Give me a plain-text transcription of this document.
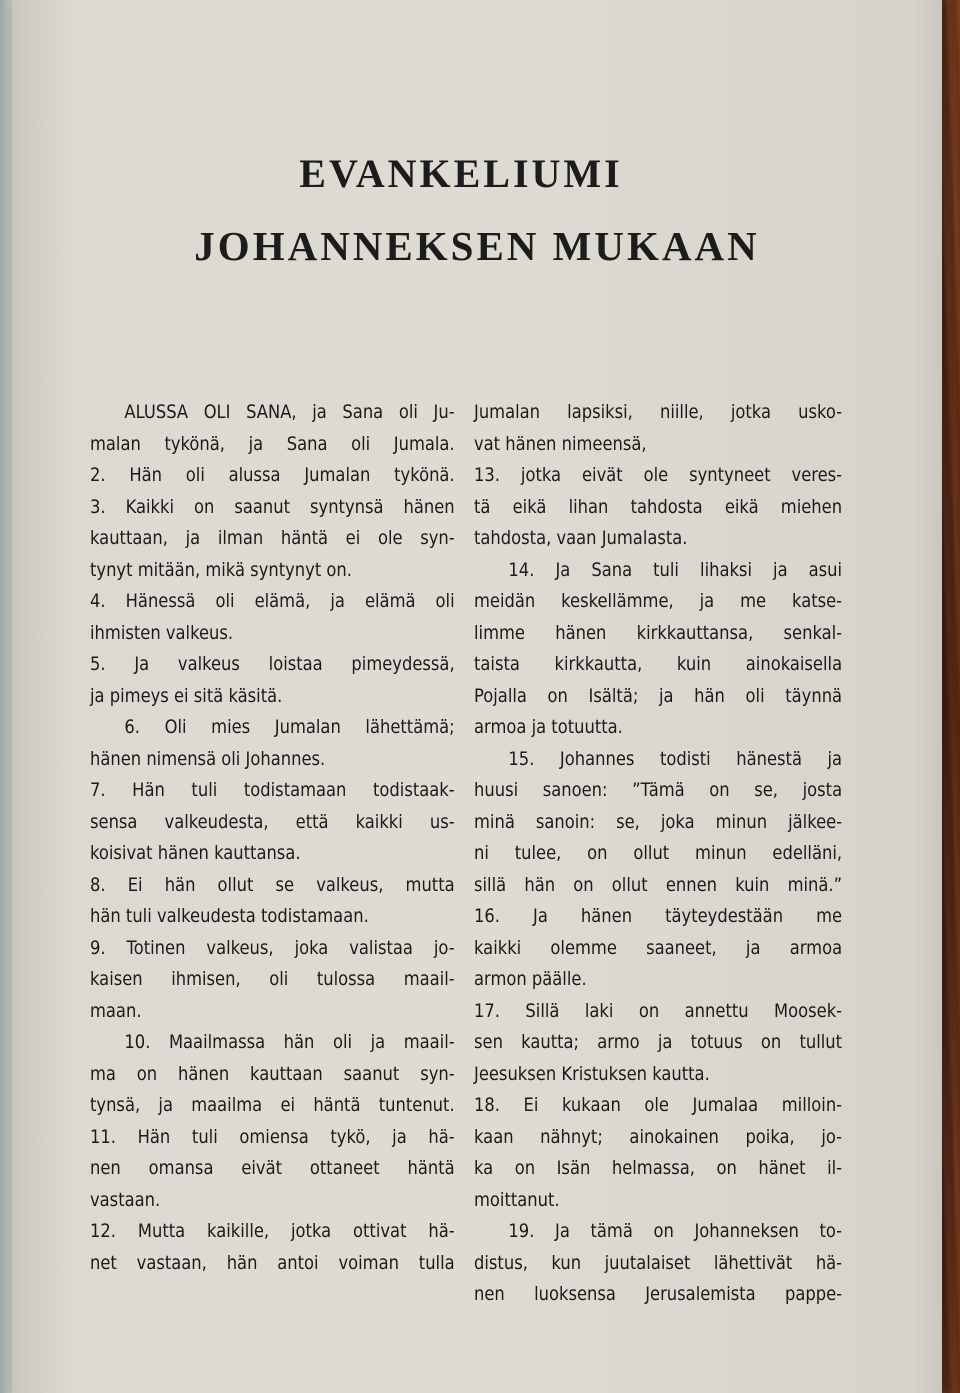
EVANKELIUMI
JOHANNEKSEN MUKAAN
ALUSSA OLI SANA, ja Sana oli Ju-
malan tykönä, ja Sana oli Jumala.
2. Hän oli alussa Jumalan tykönä.
3. Kaikki on saanut syntynsä hänen
kauttaan, ja ilman häntä ei ole syn-
tynyt mitään, mikä syntynyt on.
4. Hänessä oli elämä, ja elämä oli
ihmisten valkeus.
5. Ja valkeus loistaa pimeydessä,
ja pimeys ei sitä käsitä.
6. Oli mies Jumalan lähettämä;
hänen nimensä oli Johannes.
7. Hän tuli todistamaan todistaak-
sensa valkeudesta, että kaikki us-
koisivat hänen kauttansa.
8. Ei hän ollut se valkeus, mutta
hän tuli valkeudesta todistamaan.
9. Totinen valkeus, joka valistaa jo-
kaisen ihmisen, oli tulossa maail-
maan.
10. Maailmassa hän oli ja maail-
ma on hänen kauttaan saanut syn-
tynsä, ja maailma ei häntä tuntenut.
11. Hän tuli omiensa tykö, ja hä-
nen omansa eivät ottaneet häntä
vastaan.
12. Mutta kaikille, jotka ottivat hä-
net vastaan, hän antoi voiman tulla
Jumalan lapsiksi, niille, jotka usko-
vat hänen nimeensä,
13. jotka eivät ole syntyneet veres-
tä eikä lihan tahdosta eikä miehen
tahdosta, vaan Jumalasta.
14. Ja Sana tuli lihaksi ja asui
meidän keskellämme, ja me katse-
limme hänen kirkkauttansa, senkal-
taista kirkkautta, kuin ainokaisella
Pojalla on Isältä; ja hän oli täynnä
armoa ja totuutta.
15. Johannes todisti hänestä ja
huusi sanoen: ”Tämä on se, josta
minä sanoin: se, joka minun jälkee-
ni tulee, on ollut minun edelläni,
sillä hän on ollut ennen kuin minä.”
16. Ja hänen täyteydestään me
kaikki olemme saaneet, ja armoa
armon päälle.
17. Sillä laki on annettu Moosek-
sen kautta; armo ja totuus on tullut
Jeesuksen Kristuksen kautta.
18. Ei kukaan ole Jumalaa milloin-
kaan nähnyt; ainokainen poika, jo-
ka on Isän helmassa, on hänet il-
moittanut.
19. Ja tämä on Johanneksen to-
distus, kun juutalaiset lähettivät hä-
nen luoksensa Jerusalemista pappe-
